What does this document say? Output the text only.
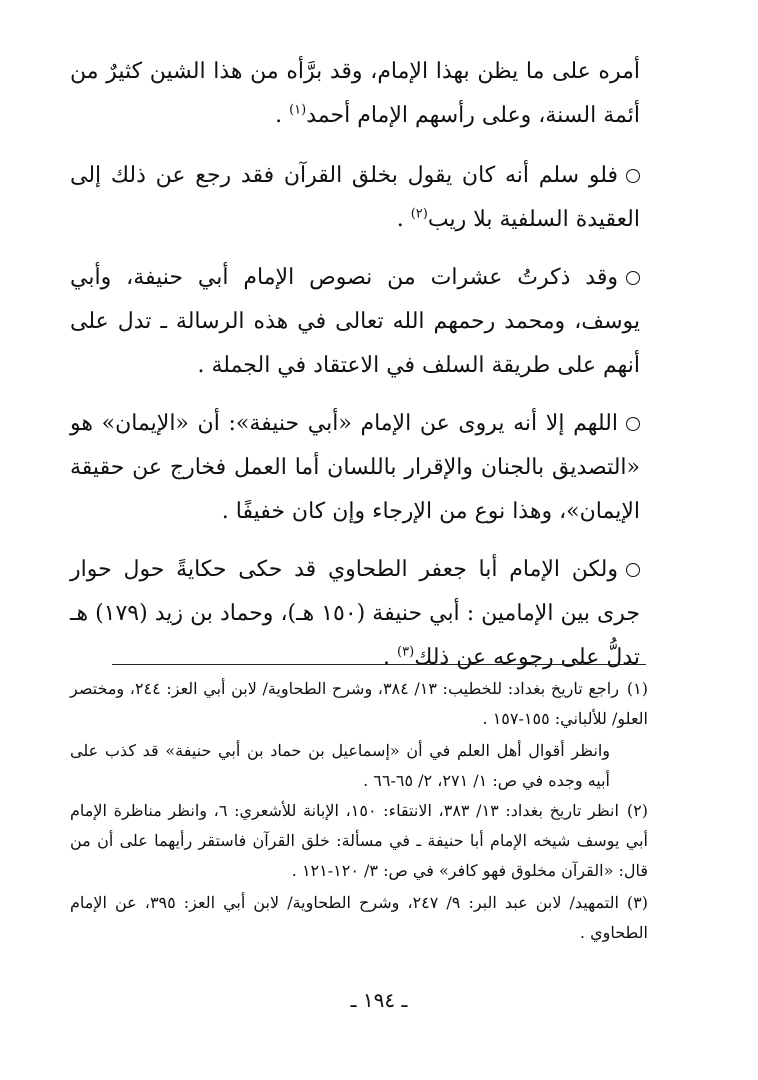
أمره على ما يظن بهذا الإمام، وقد برَّأه من هذا الشين كثيرٌ من أئمة السنة، وعلى رأسهم الإمام أحمد$^{(١)}$ .

فلو سلم أنه كان يقول بخلق القرآن فقد رجع عن ذلك إلى العقيدة السلفية بلا ريب$^{(٢)}$ .

وقد ذكرتُ عشرات من نصوص الإمام أبي حنيفة، وأبي يوسف، ومحمد رحمهم الله تعالى في هذه الرسالة ـ تدل على أنهم على طريقة السلف في الاعتقاد في الجملة .

اللهم إلا أنه يروى عن الإمام «أبي حنيفة»: أن «الإيمان» هو «التصديق بالجنان والإقرار باللسان أما العمل فخارج عن حقيقة الإيمان»، وهذا نوع من الإرجاء وإن كان خفيفًا .

ولكن الإمام أبا جعفر الطحاوي قد حكى حكايةً حول حوار جرى بين الإمامين : أبي حنيفة (١٥٠ هـ)، وحماد بن زيد (١٧٩) هـ تدلُّ على رجوعه عن ذلك$^{(٣)}$ .

(١)راجع تاريخ بغداد: للخطيب: ١٣/ ٣٨٤، وشرح الطحاوية/ لابن أبي العز: ٢٤٤، ومختصر العلو/ للألباني: ١٥٥-١٥٧ .
وانظر أقوال أهل العلم في أن «إسماعيل بن حماد بن أبي حنيفة» قد كذب على أبيه وجده في ص: ١/ ٢٧١، ٢/ ٦٥-٦٦ .
(٢)انظر تاريخ بغداد: ١٣/ ٣٨٣، الانتقاء: ١٥٠، الإبانة للأشعري: ٦، وانظر مناظرة الإمام أبي يوسف شيخه الإمام أبا حنيفة ـ في مسألة: خلق القرآن فاستقر رأيهما على أن من قال: «القرآن مخلوق فهو كافر» في ص: ٣/ ١٢٠-١٢١ .
(٣)التمهيد/ لابن عبد البر: ٩/ ٢٤٧، وشرح الطحاوية/ لابن أبي العز: ٣٩٥، عن الإمام الطحاوي .
ـ ١٩٤ ـ
